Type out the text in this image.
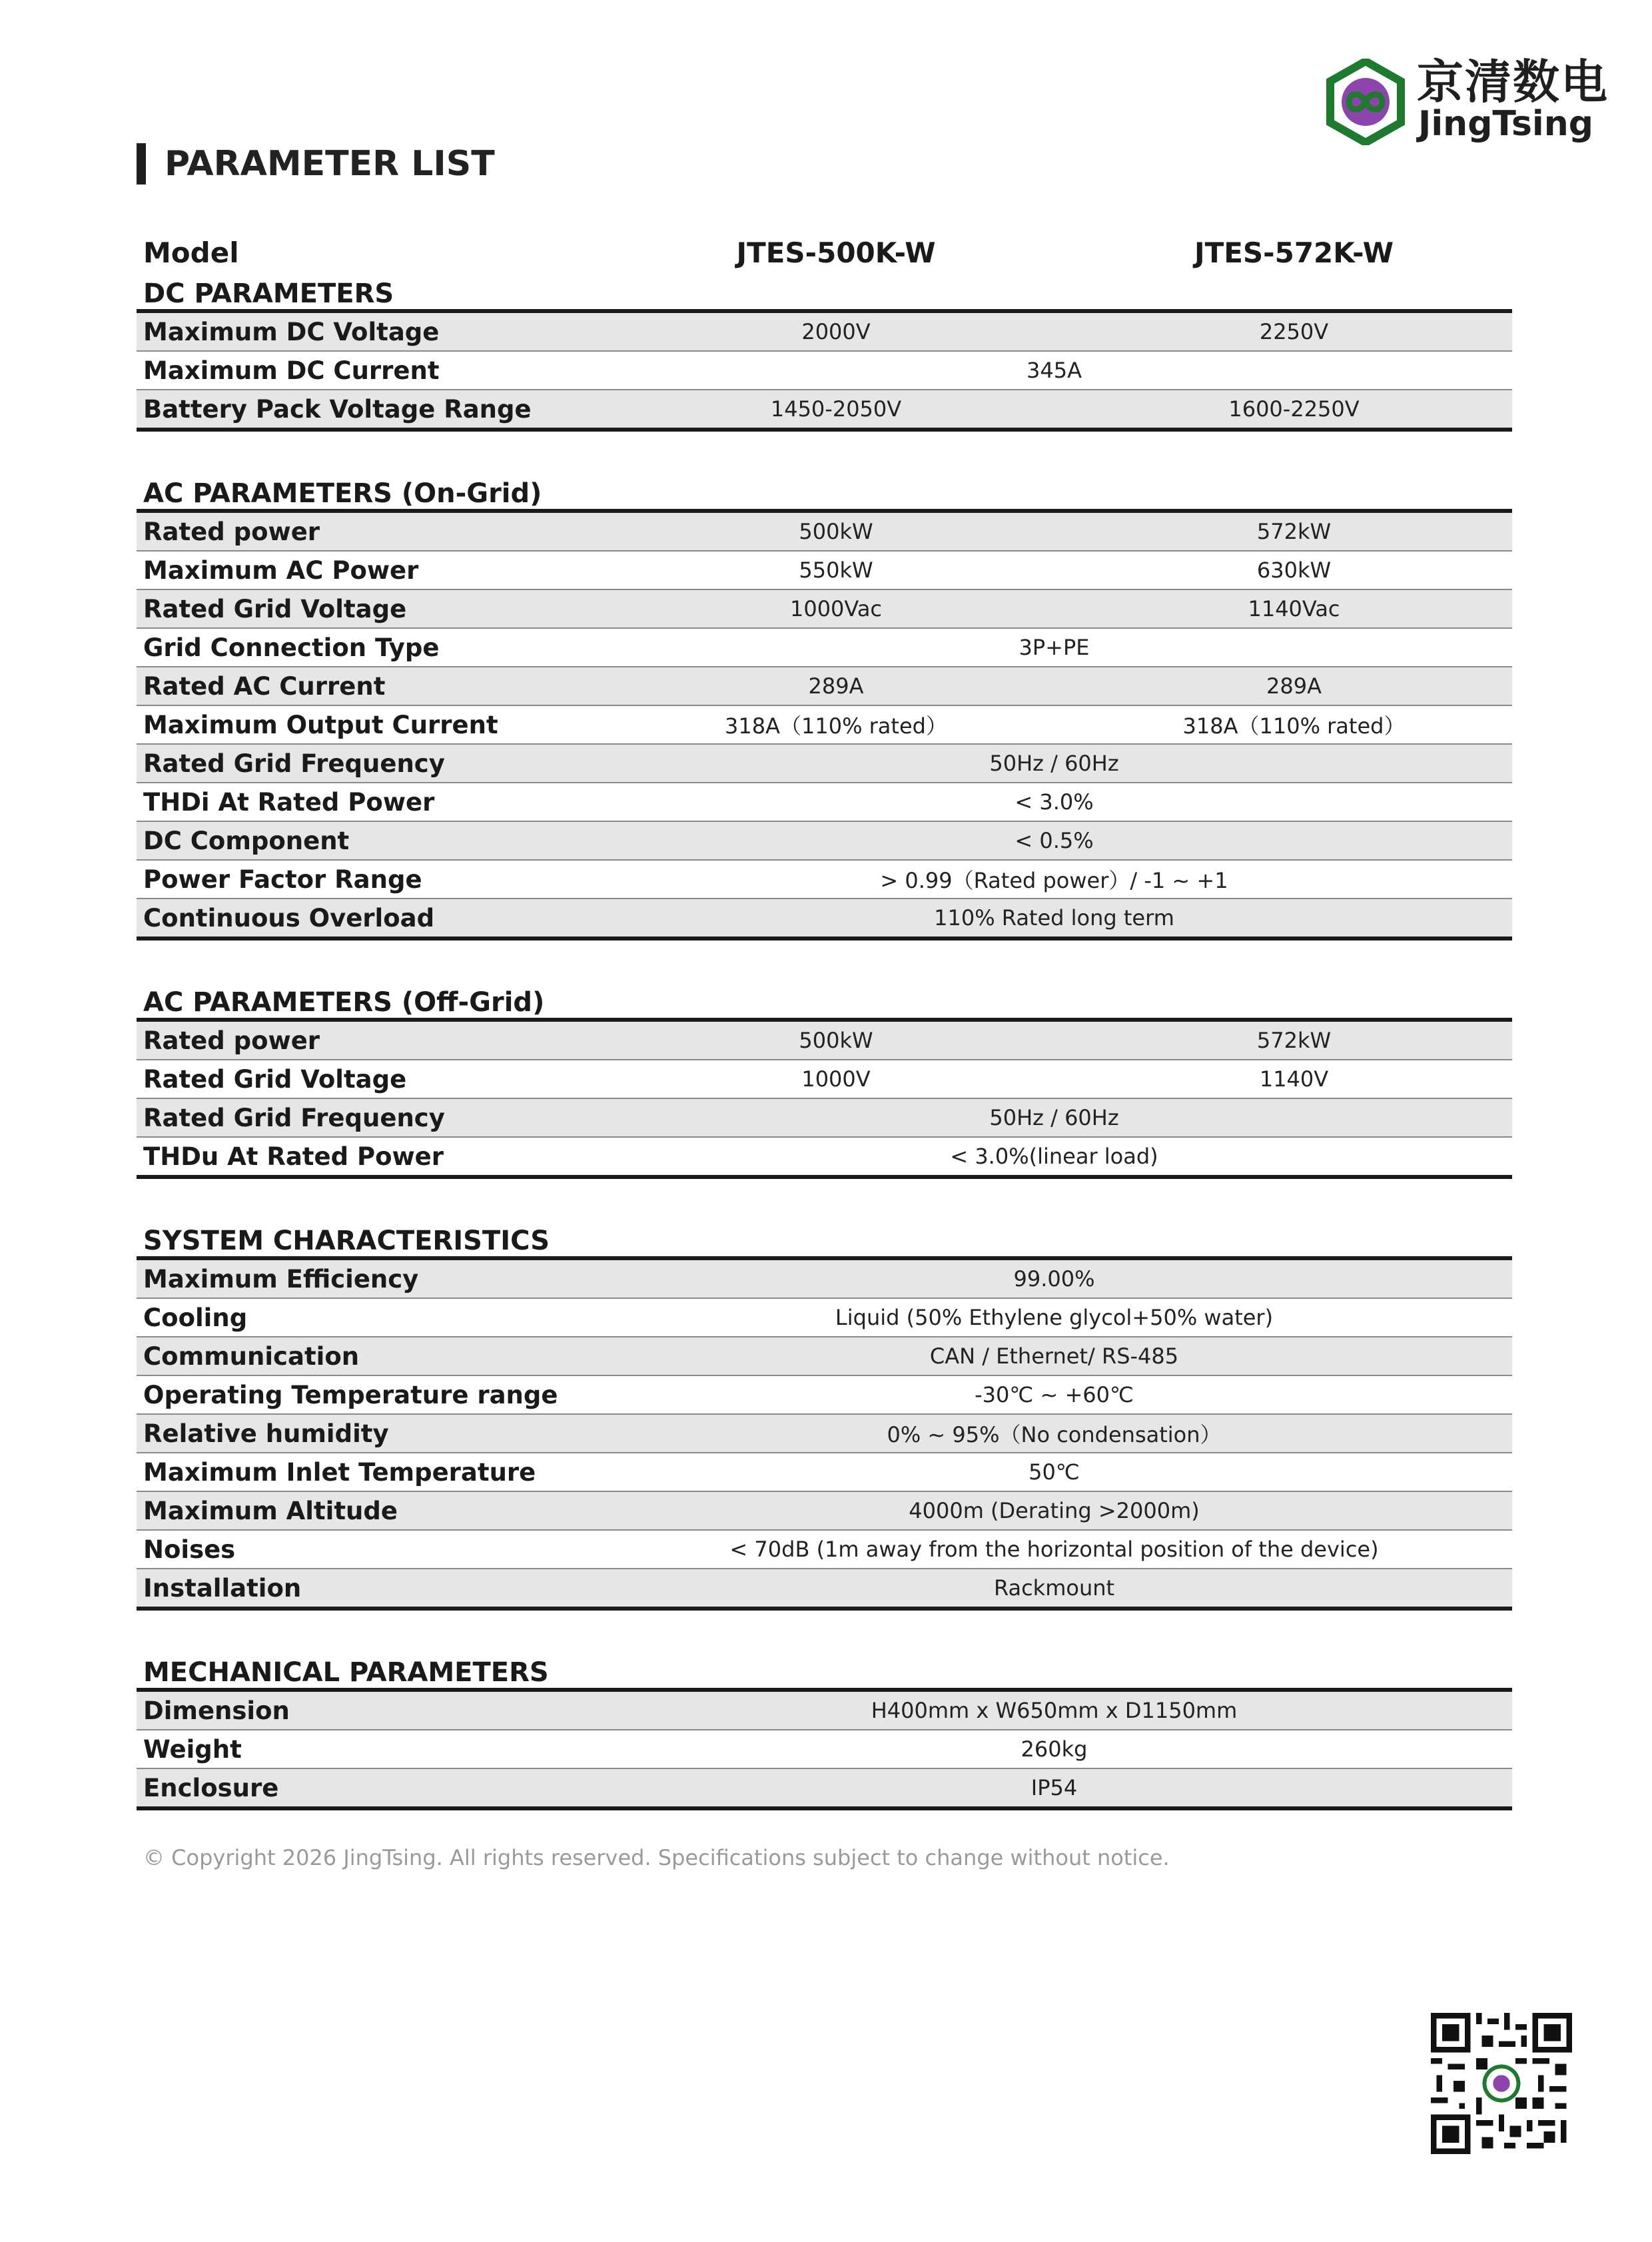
京清数电
JingTsing
PARAMETER LIST
Model	JTES-500K-W	JTES-572K-W
DC PARAMETERS
Maximum DC Voltage	2000V	2250V
Maximum DC Current	345A
Battery Pack Voltage Range	1450-2050V	1600-2250V
AC PARAMETERS (On-Grid)
Rated power	500kW	572kW
Maximum AC Power	550kW	630kW
Rated Grid Voltage	1000Vac	1140Vac
Grid Connection Type	3P+PE
Rated AC Current	289A	289A
Maximum Output Current	318A（110% rated）	318A（110% rated）
Rated Grid Frequency	50Hz / 60Hz
THDi At Rated Power	< 3.0%
DC Component	< 0.5%
Power Factor Range	> 0.99（Rated power）/ -1 ~ +1
Continuous Overload	110% Rated long term
AC PARAMETERS (Off-Grid)
Rated power	500kW	572kW
Rated Grid Voltage	1000V	1140V
Rated Grid Frequency	50Hz / 60Hz
THDu At Rated Power	< 3.0%(linear load)
SYSTEM CHARACTERISTICS
Maximum Efficiency	99.00%
Cooling	Liquid (50% Ethylene glycol+50% water)
Communication	CAN / Ethernet/ RS-485
Operating Temperature range	-30℃ ~ +60℃
Relative humidity	0% ~ 95%（No condensation）
Maximum Inlet Temperature	50℃
Maximum Altitude	4000m (Derating >2000m)
Noises	< 70dB (1m away from the horizontal position of the device)
Installation	Rackmount
MECHANICAL PARAMETERS
Dimension	H400mm x W650mm x D1150mm
Weight	260kg
Enclosure	IP54
© Copyright 2026 JingTsing. All rights reserved. Specifications subject to change without notice.
